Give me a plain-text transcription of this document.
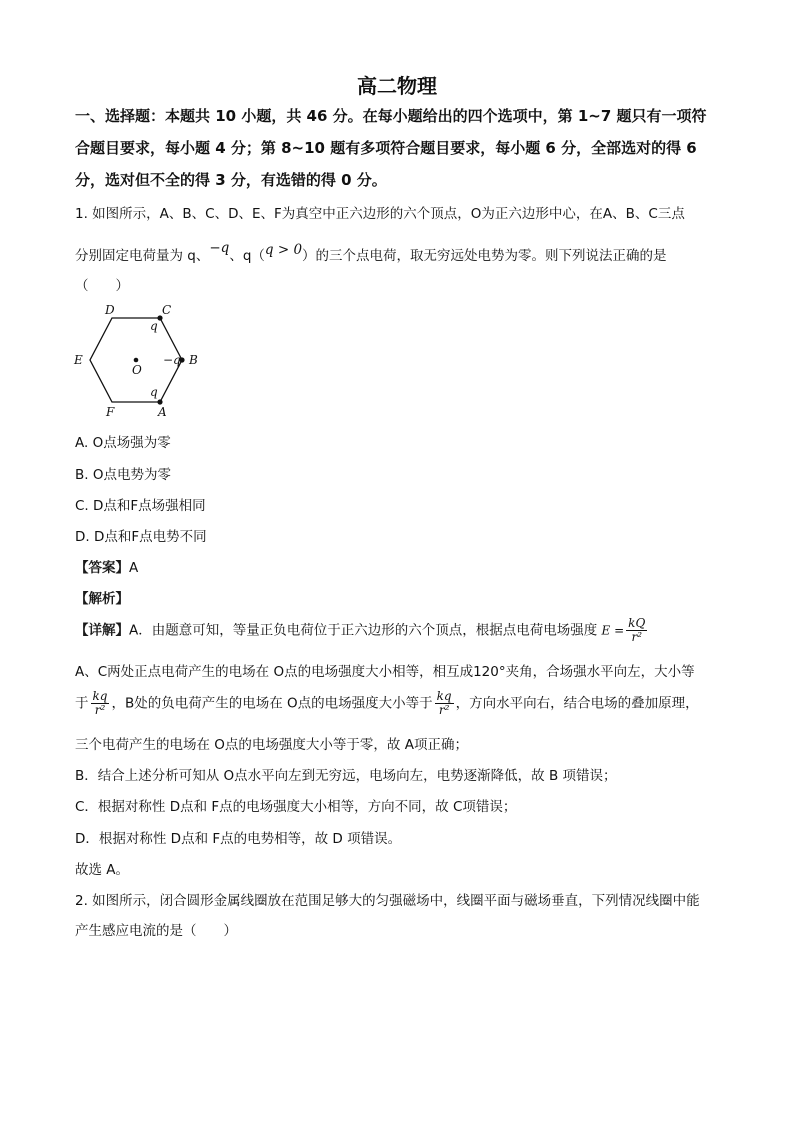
高二物理
一、选择题：本题共 10 小题，共 46 分。在每小题给出的四个选项中，第 1~7 题只有一项符
合题目要求，每小题 4 分；第 8~10 题有多项符合题目要求，每小题 6 分，全部选对的得 6
分，选对但不全的得 3 分，有选错的得 0 分。
1. 如图所示，A、B、C、D、E、F为真空中正六边形的六个顶点，O为正六边形中心，在A、B、C三点
分别固定电荷量为 q、−q、q（q > 0）的三个点电荷，取无穷远处电势为零。则下列说法正确的是
（　　）
D	C
B
A
F
E
O
q
−q
q
A. O点场强为零
B. O点电势为零
C. D点和F点场强相同
D. D点和F点电势不同
【答案】A
【解析】
【详解】A．由题意可知，等量正负电荷位于正六边形的六个顶点，根据点电荷电场强度 $E = \frac{kQ}{\text{r²}}$
A、C两处正点电荷产生的电场在 O点的电场强度大小相等，相互成120°夹角，合场强水平向左，大小等
于 $\frac{kq}{\text{r²}}$ ，B处的负电荷产生的电场在 O点的电场强度大小等于 $\frac{kq}{\text{r²}}$ ，方向水平向右，结合电场的叠加原理，
三个电荷产生的电场在 O点的电场强度大小等于零，故 A项正确；
B．结合上述分析可知从 O点水平向左到无穷远，电场向左，电势逐渐降低，故 B 项错误；
C．根据对称性 D点和 F点的电场强度大小相等，方向不同，故 C项错误；
D．根据对称性 D点和 F点的电势相等，故 D 项错误。
故选 A。
2. 如图所示，闭合圆形金属线圈放在范围足够大的匀强磁场中，线圈平面与磁场垂直，下列情况线圈中能
产生感应电流的是（　　）
